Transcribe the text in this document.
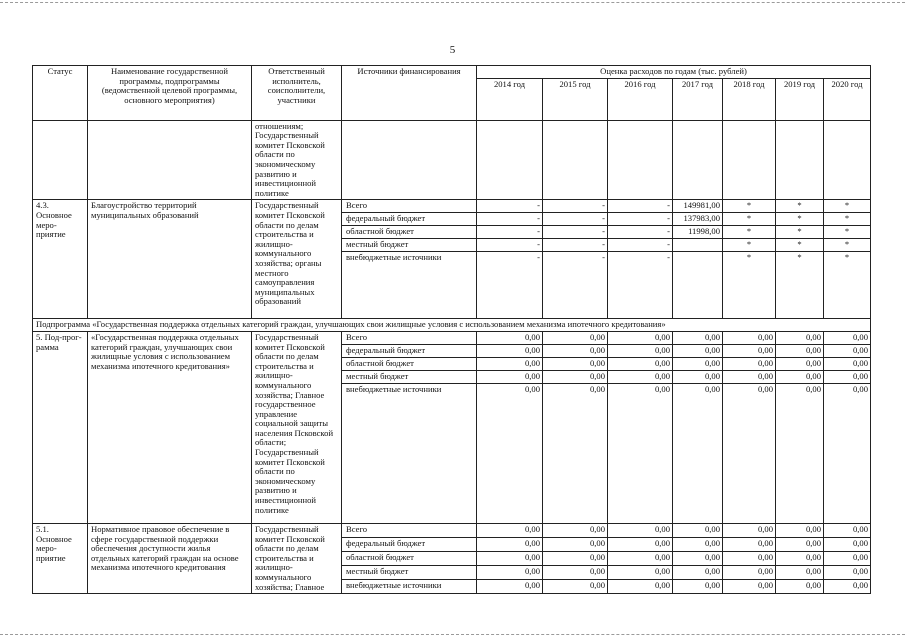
5
Статус	Наименование государственной программы, подпрограммы (ведомственной целевой программы, основного мероприятия)	Ответственный исполнитель, соисполнители, участники	Источники финансирования	Оценка расходов по годам (тыс. рублей)						
				2014 год	2015 год	2016 год	2017 год	2018 год	2019 год	2020 год
		отношениям; Государственный комитет Псковской области по экономическому развитию и инвестиционной политике								
4.3. Основное меро-приятие	Благоустройство территорий муниципальных образований	Государственный комитет Псковской области по делам строительства и жилищно-коммунального хозяйства; органы местного самоуправления муниципальных образований	Всего	-	-	-	149981,00	*	*	*
			федеральный бюджет	-	-	-	137983,00	*	*	*
			областной бюджет	-	-	-	11998,00	*	*	*
			местный бюджет	-	-	-		*	*	*
			внебюджетные источники	-	-	-		*	*	*
Подпрограмма «Государственная поддержка отдельных категорий граждан, улучшающих свои жилищные условия с использованием механизма ипотечного кредитования»										
5. Под-прог-рамма	«Государственная поддержка отдельных категорий граждан, улучшающих свои жилищные условия с использованием механизма ипотечного кредитования»	Государственный комитет Псковской области по делам строительства и жилищно-коммунального хозяйства; Главное государственное управление социальной защиты населения Псковской области; Государственный комитет Псковской области по экономическому развитию и инвестиционной политике	Всего	0,00	0,00	0,00	0,00	0,00	0,00	0,00
			федеральный бюджет	0,00	0,00	0,00	0,00	0,00	0,00	0,00
			областной бюджет	0,00	0,00	0,00	0,00	0,00	0,00	0,00
			местный бюджет	0,00	0,00	0,00	0,00	0,00	0,00	0,00
			внебюджетные источники	0,00	0,00	0,00	0,00	0,00	0,00	0,00
5.1. Основное меро-приятие	Нормативное правовое обеспечение в сфере государственной поддержки обеспечения доступности жилья отдельных категорий граждан на основе механизма ипотечного кредитования	Государственный комитет Псковской области по делам строительства и жилищно-коммунального хозяйства; Главное	Всего	0,00	0,00	0,00	0,00	0,00	0,00	0,00
			федеральный бюджет	0,00	0,00	0,00	0,00	0,00	0,00	0,00
			областной бюджет	0,00	0,00	0,00	0,00	0,00	0,00	0,00
			местный бюджет	0,00	0,00	0,00	0,00	0,00	0,00	0,00
			внебюджетные источники	0,00	0,00	0,00	0,00	0,00	0,00	0,00
